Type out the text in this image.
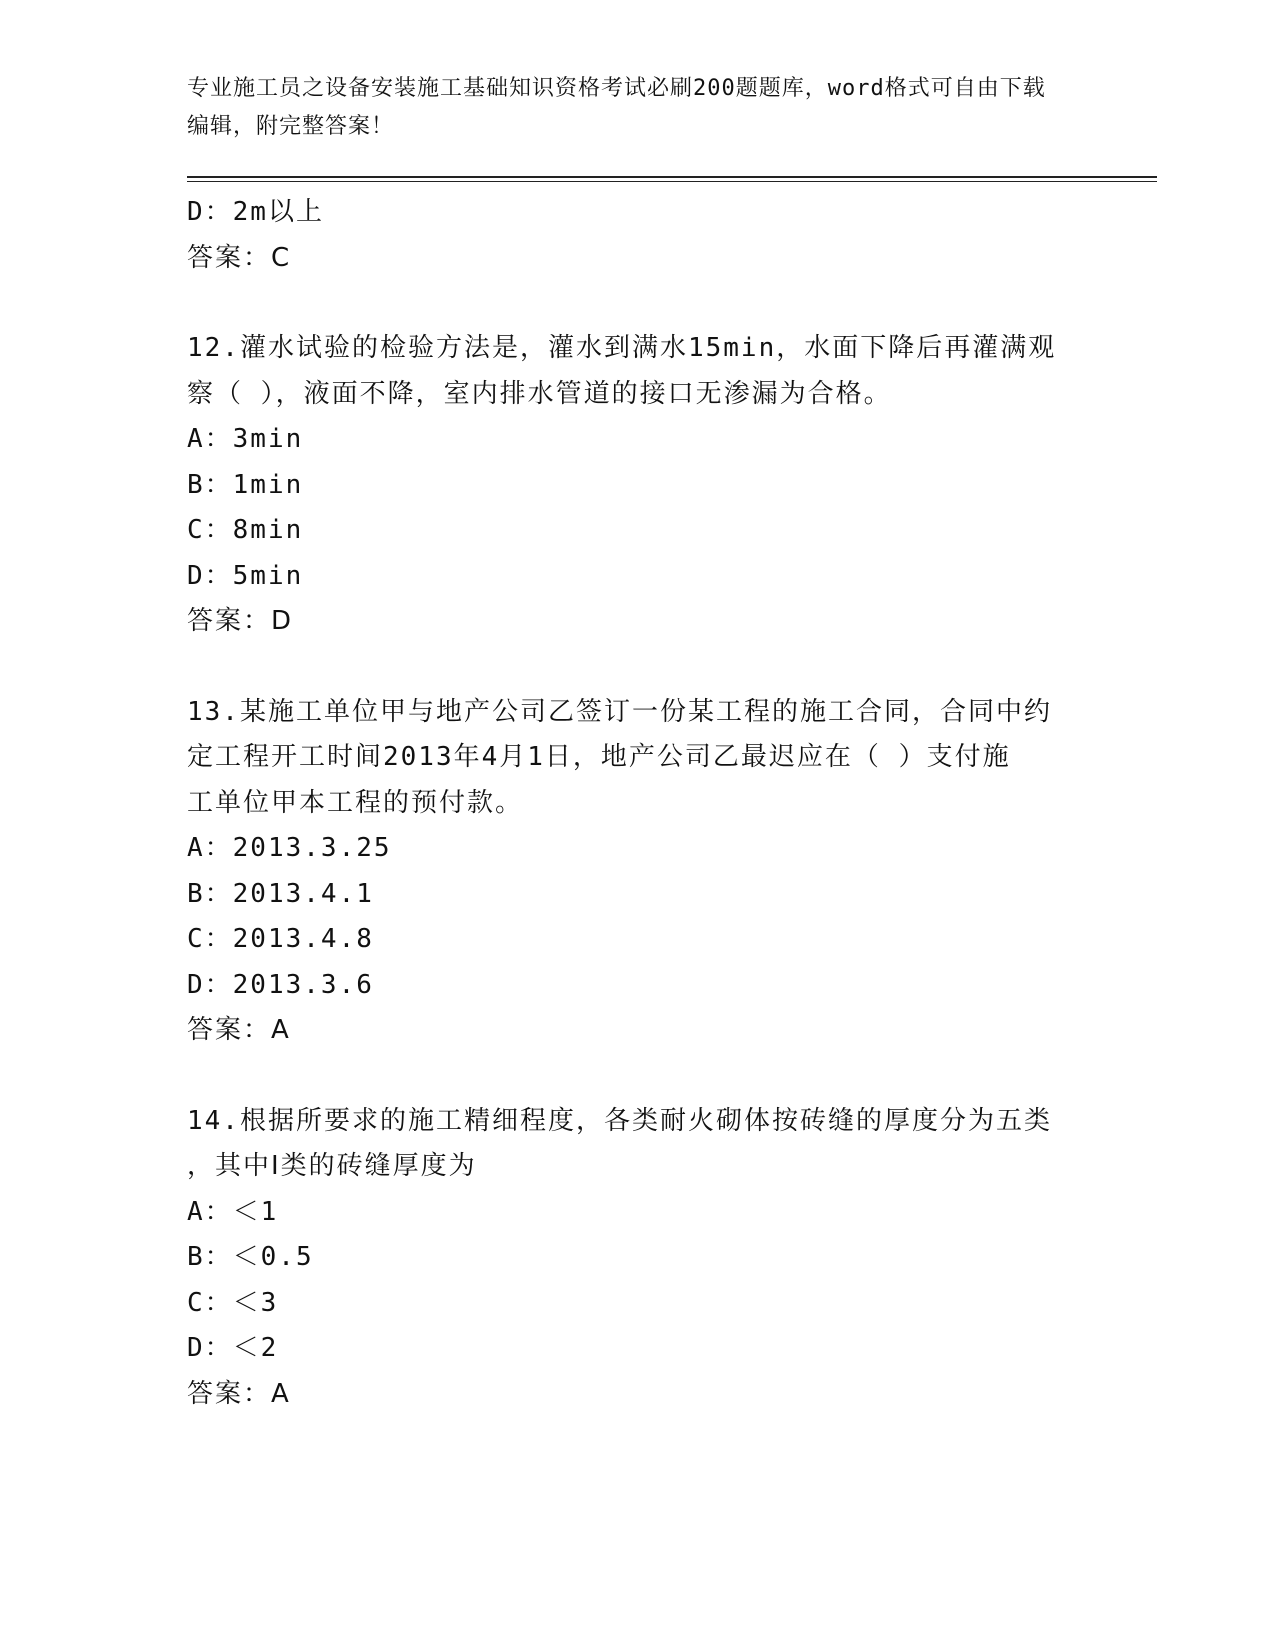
专业施工员之设备安装施工基础知识资格考试必刷200题题库，word格式可自由下载编辑，附完整答案！

D：2m以上
答案：C
12.灌水试验的检验方法是，灌水到满水15min，水面下降后再灌满观
察（ ），液面不降，室内排水管道的接口无渗漏为合格。
A：3min
B：1min
C：8min
D：5min
答案：D
13.某施工单位甲与地产公司乙签订一份某工程的施工合同，合同中约
定工程开工时间2013年4月1日，地产公司乙最迟应在（ ）支付施
工单位甲本工程的预付款。
A：2013.3.25
B：2013.4.1
C：2013.4.8
D：2013.3.6
答案：A
14.根据所要求的施工精细程度，各类耐火砌体按砖缝的厚度分为五类
，其中Ⅰ类的砖缝厚度为
A：＜1
B：＜0.5
C：＜3
D：＜2
答案：A
